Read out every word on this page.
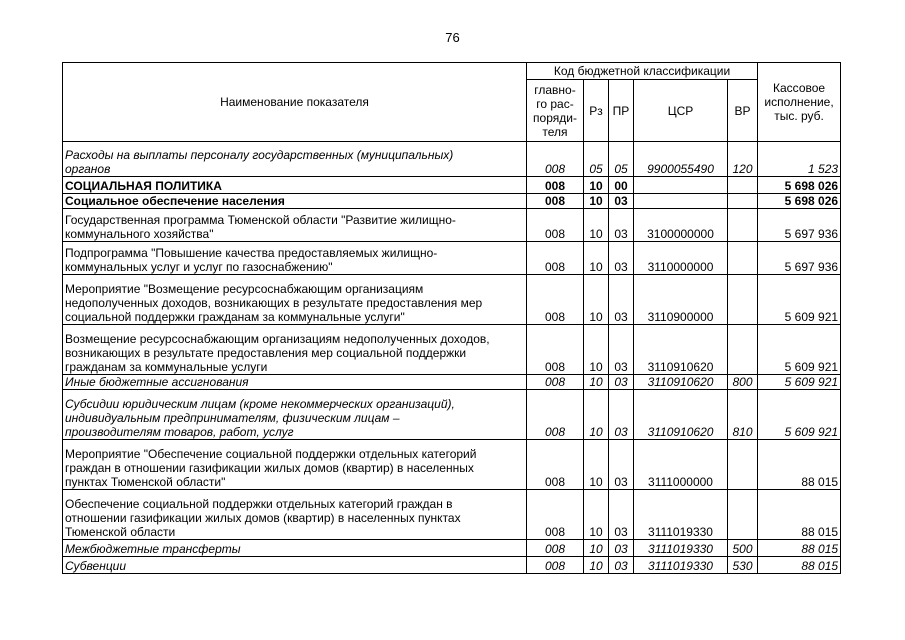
76
Наименование показателя	Код бюджетной классификации					Кассовое
исполнение,
тыс. руб.
	главно-
го рас-
поряди-
теля	Рз	ПР	ЦСР	ВР	
Расходы на выплаты персоналу государственных (муниципальных)
органов	008	05	05	9900055490	120	1 523
СОЦИАЛЬНАЯ ПОЛИТИКА	008	10	00			5 698 026
Социальное обеспечение населения	008	10	03			5 698 026
Государственная программа Тюменской области "Развитие жилищно-
коммунального хозяйства"	008	10	03	3100000000		5 697 936
Подпрограмма "Повышение качества предоставляемых жилищно-
коммунальных услуг и услуг по газоснабжению"	008	10	03	3110000000		5 697 936
Мероприятие "Возмещение ресурсоснабжающим организациям
недополученных доходов, возникающих в результате предоставления мер
социальной поддержки гражданам за коммунальные услуги"	008	10	03	3110900000		5 609 921
Возмещение ресурсоснабжающим организациям недополученных доходов,
возникающих в результате предоставления мер социальной поддержки
гражданам за коммунальные услуги	008	10	03	3110910620		5 609 921
Иные бюджетные ассигнования	008	10	03	3110910620	800	5 609 921
Субсидии юридическим лицам (кроме некоммерческих организаций),
индивидуальным предпринимателям, физическим лицам –
производителям товаров, работ, услуг	008	10	03	3110910620	810	5 609 921
Мероприятие "Обеспечение социальной поддержки отдельных категорий
граждан в отношении газификации жилых домов (квартир) в населенных
пунктах Тюменской области"	008	10	03	3111000000		88 015
Обеспечение социальной поддержки отдельных категорий граждан в
отношении газификации жилых домов (квартир) в населенных пунктах
Тюменской области	008	10	03	3111019330		88 015
Межбюджетные трансферты	008	10	03	3111019330	500	88 015
Субвенции	008	10	03	3111019330	530	88 015
